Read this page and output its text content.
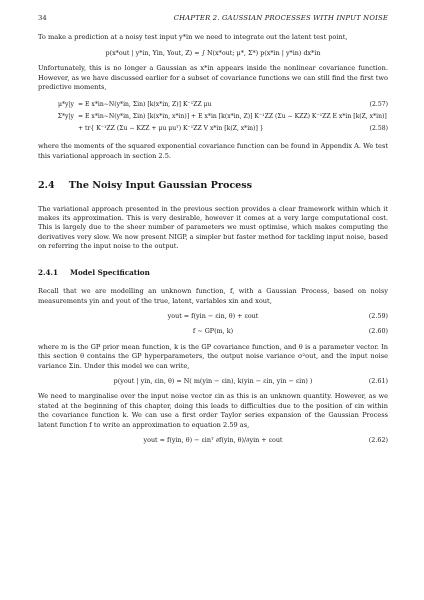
34	CHAPTER 2. GAUSSIAN PROCESSES WITH INPUT NOISE

To make a prediction at a noisy test input y*in we need to integrate out the latent test point,

p(x*out | y*in, Yin, Yout, Z) ≈ ∫ N(x*out; μ*, Σ*) p(x*in | y*in) dx*in

Unfortunately, this is no longer a Gaussian as x*in appears inside the nonlinear covariance function. However, as we have discussed earlier for a subset of covariance functions we can still find the first two predictive moments,

μ*y|y = E x*in∼N(y*in, Σin) [k(x*in, Z)] K⁻¹ZZ μu	(2.57)
Σ*y|y = E x*in∼N(y*in, Σin) [k(x*in, x*in)] + E x*in [k(x*in, Z)] K⁻¹ZZ (Σu − KZZ) K⁻¹ZZ E x*in [k(Z, x*in)]
+ tr{ K⁻¹ZZ (Σu − KZZ + μu μuᵀ) K⁻¹ZZ V x*in [k(Z, x*in)] }	(2.58)

where the moments of the squared exponential covariance function can be found in Appendix A. We test this variational approach in section 2.5.

2.4 The Noisy Input Gaussian Process

The variational approach presented in the previous section provides a clear framework within which it makes its approximation. This is very desirable, however it comes at a very large computational cost. This is largely due to the sheer number of parameters we must optimise, which makes computing the derivatives very slow. We now present NIGP, a simpler but faster method for tackling input noise, based on referring the input noise to the output.

2.4.1 Model Specification

Recall that we are modelling an unknown function, f, with a Gaussian Process, based on noisy measurements yin and yout of the true, latent, variables xin and xout,

yout = f(yin − εin, θ) + εout	(2.59)
f ∼ GP(m, k)	(2.60)

where m is the GP prior mean function, k is the GP covariance function, and θ is a parameter vector. In this section θ contains the GP hyperparameters, the output noise variance σ²out, and the input noise variance Σin. Under this model we can write,

p(yout | yin, εin, θ) = N( m(yin − εin), k(yin − εin, yin − εin) )	(2.61)

We need to marginalise over the input noise vector εin as this is an unknown quantity. However, as we stated at the beginning of this chapter, doing this leads to difficulties due to the position of εin within the covariance function k. We can use a first order Taylor series expansion of the Gaussian Process latent function f to write an approximation to equation 2.59 as,

yout ≈ f(yin, θ) − εinᵀ ∂f(yin, θ)/∂yin + εout	(2.62)
